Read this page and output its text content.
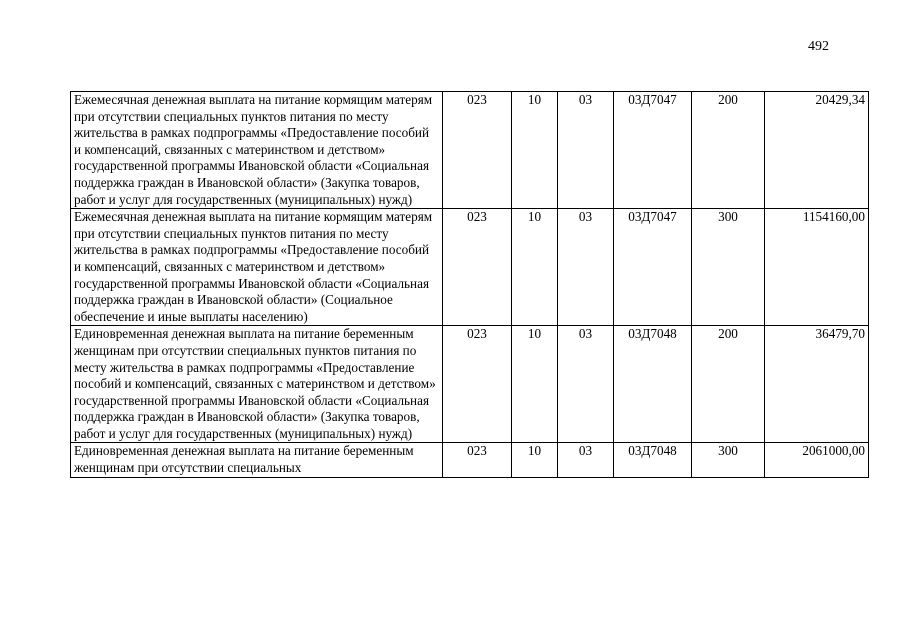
492
Ежемесячная денежная выплата на питание кормящим матерям при отсутствии специальных пунктов питания по месту жительства в рамках подпрограммы «Предоставление пособий и компенсаций, связанных с материнством и детством» государственной программы Ивановской области «Социальная поддержка граждан в Ивановской области» (Закупка товаров, работ и услуг для государственных (муниципальных) нужд)	023	10	03	03Д7047	200	20429,34
Ежемесячная денежная выплата на питание кормящим матерям при отсутствии специальных пунктов питания по месту жительства в рамках подпрограммы «Предоставление пособий и компенсаций, связанных с материнством и детством» государственной программы Ивановской области «Социальная поддержка граждан в Ивановской области» (Социальное обеспечение и иные выплаты населению)	023	10	03	03Д7047	300	1154160,00
Единовременная денежная выплата на питание беременным женщинам при отсутствии специальных пунктов питания по месту жительства в рамках подпрограммы «Предоставление пособий и компенсаций, связанных с материнством и детством» государственной программы Ивановской области «Социальная поддержка граждан в Ивановской области» (Закупка товаров, работ и услуг для государственных (муниципальных) нужд)	023	10	03	03Д7048	200	36479,70
Единовременная денежная выплата на питание беременным женщинам при отсутствии специальных	023	10	03	03Д7048	300	2061000,00
